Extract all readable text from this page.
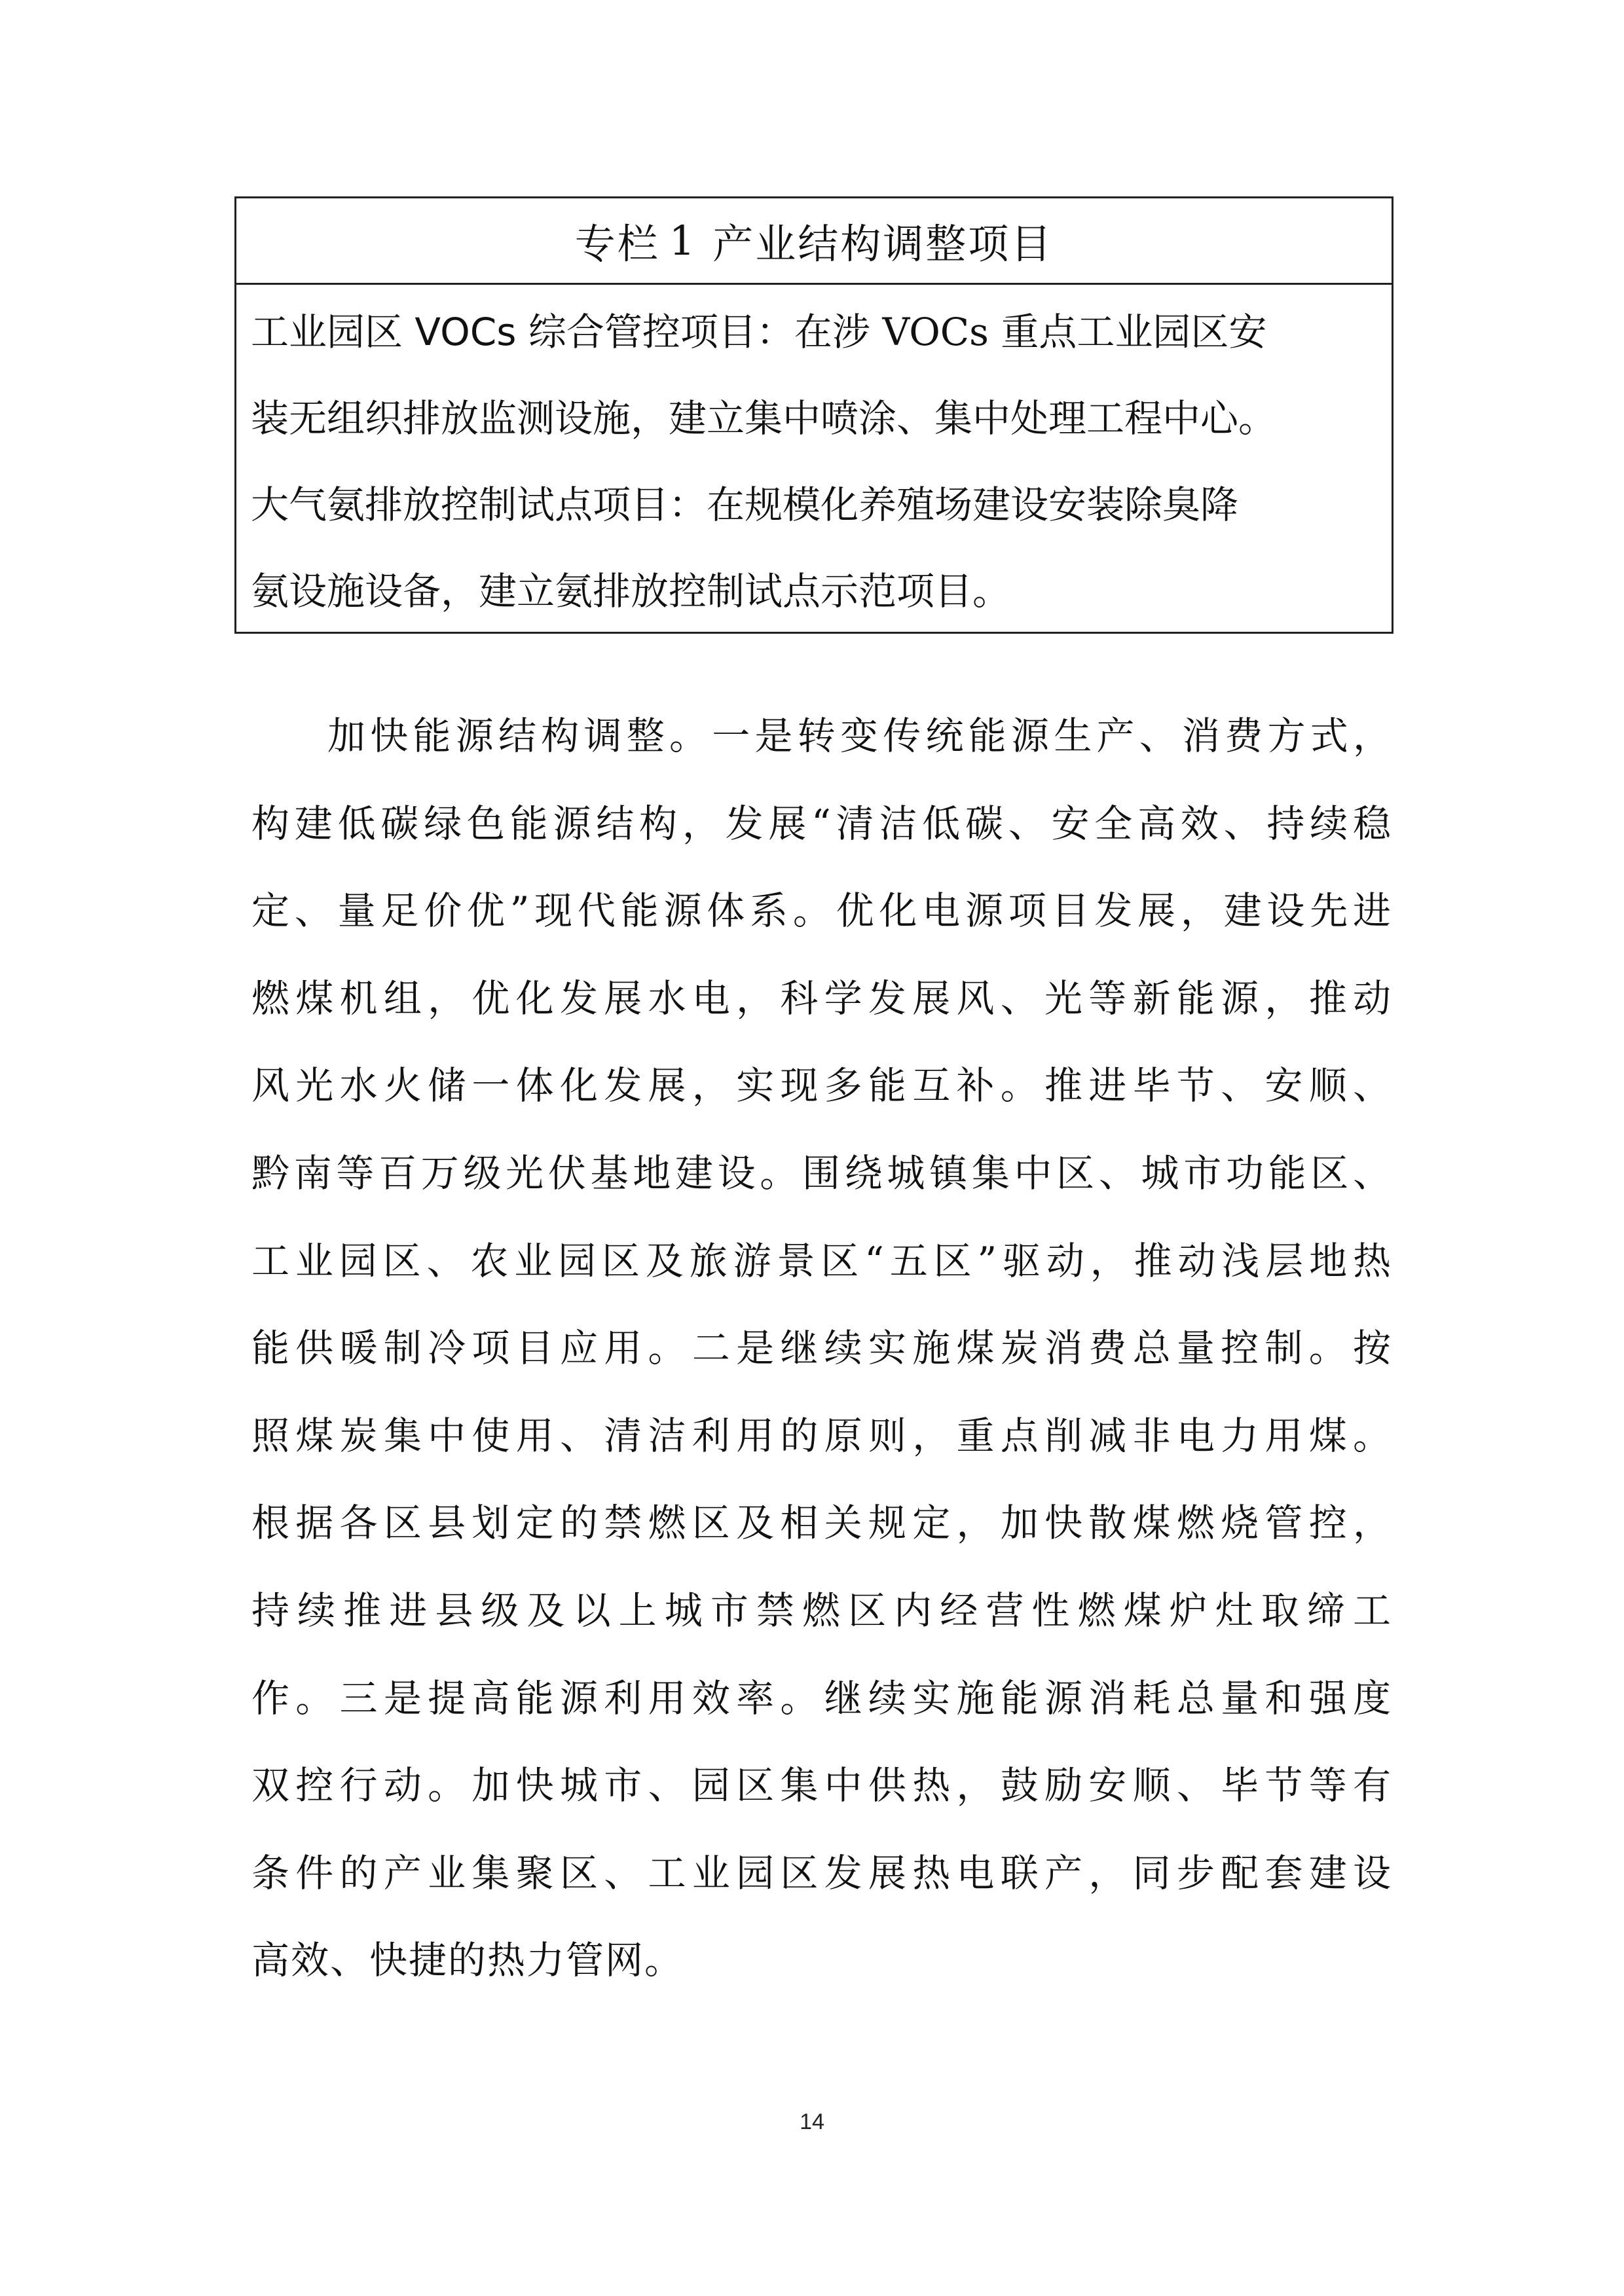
专栏 1 产业结构调整项目
工业园区 VOCs 综合管控项目：在涉 VOCs 重点工业园区安
装无组织排放监测设施，建立集中喷涂、集中处理工程中心。
大气氨排放控制试点项目：在规模化养殖场建设安装除臭降
氨设施设备，建立氨排放控制试点示范项目。
加快能源结构调整。一是转变传统能源生产、消费方式，
构建低碳绿色能源结构，发展“清洁低碳、安全高效、持续稳
定、量足价优”现代能源体系。优化电源项目发展，建设先进
燃煤机组，优化发展水电，科学发展风、光等新能源，推动
风光水火储一体化发展，实现多能互补。推进毕节、安顺、
黔南等百万级光伏基地建设。围绕城镇集中区、城市功能区、
工业园区、农业园区及旅游景区“五区”驱动，推动浅层地热
能供暖制冷项目应用。二是继续实施煤炭消费总量控制。按
照煤炭集中使用、清洁利用的原则，重点削减非电力用煤。
根据各区县划定的禁燃区及相关规定，加快散煤燃烧管控，
持续推进县级及以上城市禁燃区内经营性燃煤炉灶取缔工
作。三是提高能源利用效率。继续实施能源消耗总量和强度
双控行动。加快城市、园区集中供热，鼓励安顺、毕节等有
条件的产业集聚区、工业园区发展热电联产，同步配套建设
高效、快捷的热力管网。
14
